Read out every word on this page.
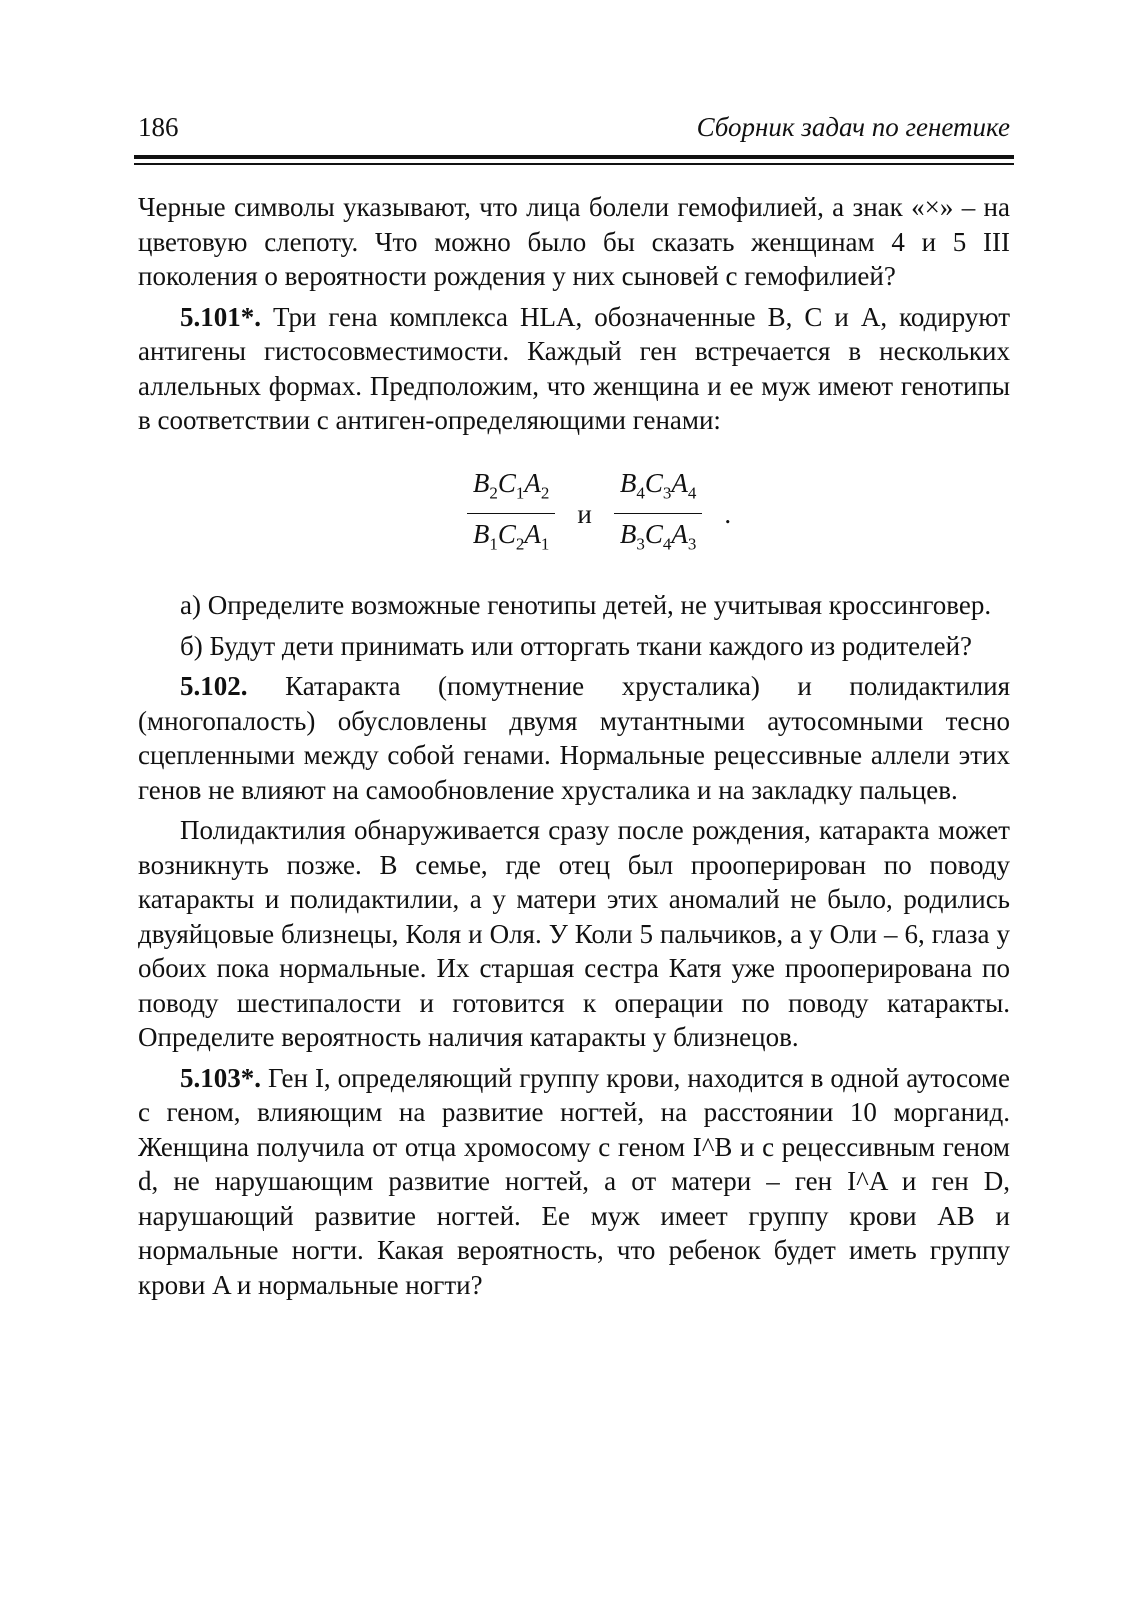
186	Сборник задач по генетике

Черные символы указывают, что лица болели гемофилией, а знак «×» – на цветовую слепоту. Что можно было бы сказать женщинам 4 и 5 III поколения о вероятности рождения у них сыновей с гемофилией?

5.101*. Три гена комплекса HLA, обозначенные B, C и A, кодируют антигены гистосовместимости. Каждый ген встречается в нескольких аллельных формах. Предположим, что женщина и ее муж имеют генотипы в соответствии с антиген-определяющими генами:

$\frac{B_2C_1A_2}{B_1C_2A_1}$ и $\frac{B_4C_3A_4}{B_3C_4A_3}$ .

а) Определите возможные генотипы детей, не учитывая кроссинговер.

б) Будут дети принимать или отторгать ткани каждого из родителей?

5.102. Катаракта (помутнение хрусталика) и полидактилия (многопалость) обусловлены двумя мутантными аутосомными тесно сцепленными между собой генами. Нормальные рецессивные аллели этих генов не влияют на самообновление хрусталика и на закладку пальцев.

Полидактилия обнаруживается сразу после рождения, катаракта может возникнуть позже. В семье, где отец был прооперирован по поводу катаракты и полидактилии, а у матери этих аномалий не было, родились двуяйцовые близнецы, Коля и Оля. У Коли 5 пальчиков, а у Оли – 6, глаза у обоих пока нормальные. Их старшая сестра Катя уже прооперирована по поводу шестипалости и готовится к операции по поводу катаракты. Определите вероятность наличия катаракты у близнецов.

5.103*. Ген I, определяющий группу крови, находится в одной аутосоме с геном, влияющим на развитие ногтей, на расстоянии 10 морганид. Женщина получила от отца хромосому с геном I^B и с рецессивным геном d, не нарушающим развитие ногтей, а от матери – ген I^A и ген D, нарушающий развитие ногтей. Ее муж имеет группу крови AB и нормальные ногти. Какая вероятность, что ребенок будет иметь группу крови A и нормальные ногти?
